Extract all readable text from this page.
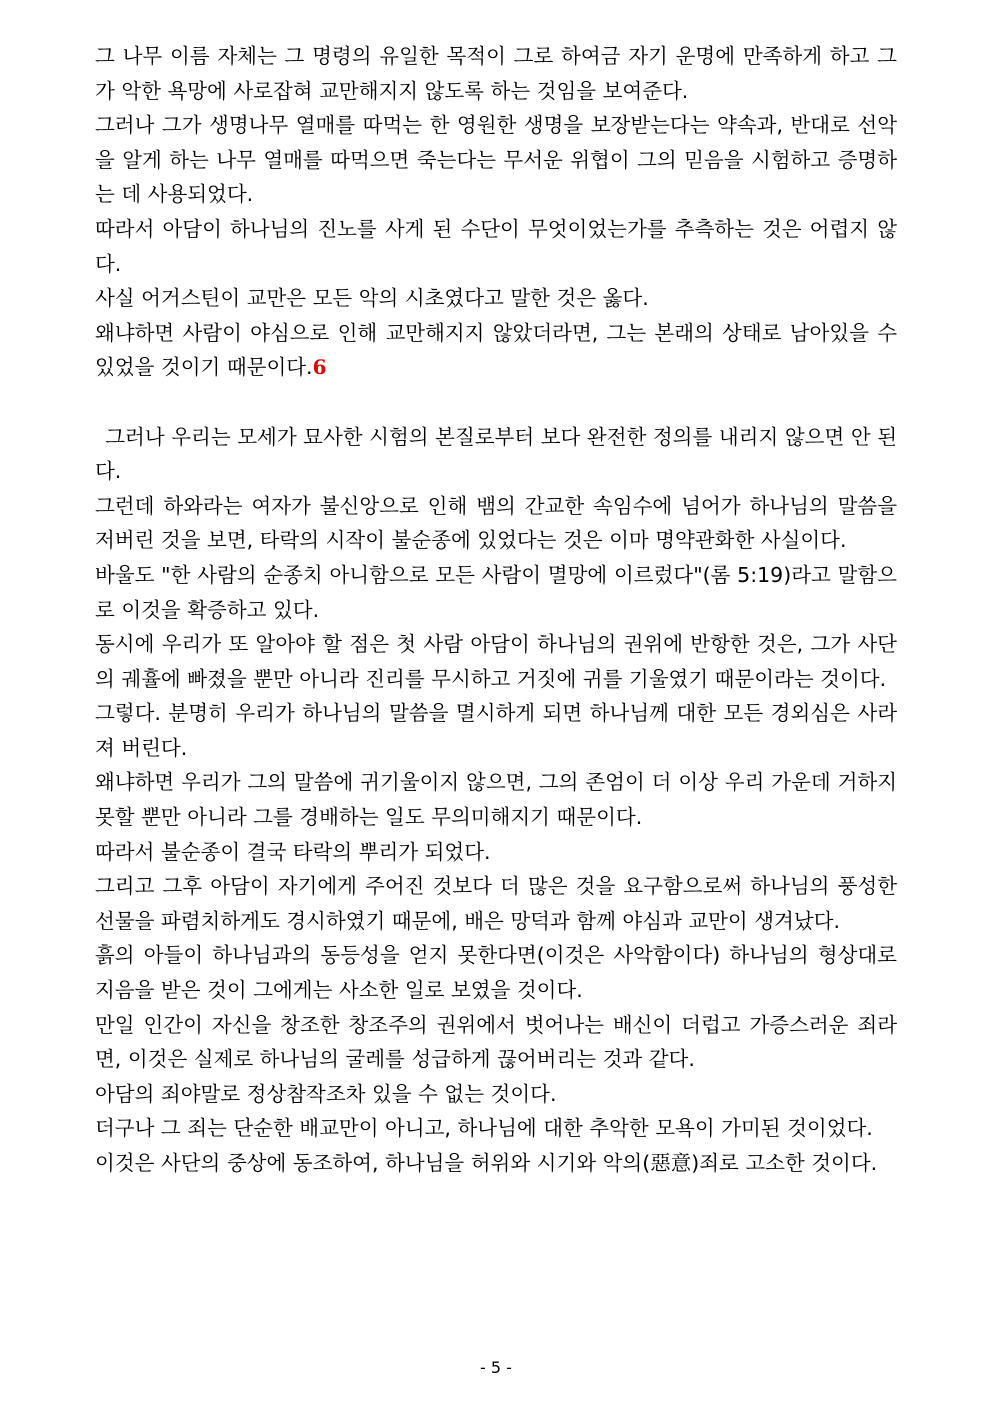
그 나무 이름 자체는 그 명령의 유일한 목적이 그로 하여금 자기 운명에 만족하게 하고 그가 악한 욕망에 사로잡혀 교만해지지 않도록 하는 것임을 보여준다.

그러나 그가 생명나무 열매를 따먹는 한 영원한 생명을 보장받는다는 약속과, 반대로 선악을 알게 하는 나무 열매를 따먹으면 죽는다는 무서운 위협이 그의 믿음을 시험하고 증명하는 데 사용되었다.

따라서 아담이 하나님의 진노를 사게 된 수단이 무엇이었는가를 추측하는 것은 어렵지 않다.

사실 어거스틴이 교만은 모든 악의 시초였다고 말한 것은 옳다.

왜냐하면 사람이 야심으로 인해 교만해지지 않았더라면, 그는 본래의 상태로 남아있을 수 있었을 것이기 때문이다.6

그러나 우리는 모세가 묘사한 시험의 본질로부터 보다 완전한 정의를 내리지 않으면 안 된다.

그런데 하와라는 여자가 불신앙으로 인해 뱀의 간교한 속임수에 넘어가 하나님의 말씀을 저버린 것을 보면, 타락의 시작이 불순종에 있었다는 것은 이마 명약관화한 사실이다.

바울도 "한 사람의 순종치 아니함으로 모든 사람이 멸망에 이르렀다"(롬 5:19)라고 말함으로 이것을 확증하고 있다.

동시에 우리가 또 알아야 할 점은 첫 사람 아담이 하나님의 권위에 반항한 것은, 그가 사단의 궤휼에 빠졌을 뿐만 아니라 진리를 무시하고 거짓에 귀를 기울였기 때문이라는 것이다.

그렇다. 분명히 우리가 하나님의 말씀을 멸시하게 되면 하나님께 대한 모든 경외심은 사라져 버린다.

왜냐하면 우리가 그의 말씀에 귀기울이지 않으면, 그의 존엄이 더 이상 우리 가운데 거하지 못할 뿐만 아니라 그를 경배하는 일도 무의미해지기 때문이다.

따라서 불순종이 결국 타락의 뿌리가 되었다.

그리고 그후 아담이 자기에게 주어진 것보다 더 많은 것을 요구함으로써 하나님의 풍성한 선물을 파렴치하게도 경시하였기 때문에, 배은 망덕과 함께 야심과 교만이 생겨났다.

흙의 아들이 하나님과의 동등성을 얻지 못한다면(이것은 사악함이다) 하나님의 형상대로 지음을 받은 것이 그에게는 사소한 일로 보였을 것이다.

만일 인간이 자신을 창조한 창조주의 권위에서 벗어나는 배신이 더럽고 가증스러운 죄라면, 이것은 실제로 하나님의 굴레를 성급하게 끊어버리는 것과 같다.

아담의 죄야말로 정상참작조차 있을 수 없는 것이다.

더구나 그 죄는 단순한 배교만이 아니고, 하나님에 대한 추악한 모욕이 가미된 것이었다.

이것은 사단의 중상에 동조하여, 하나님을 허위와 시기와 악의(惡意)죄로 고소한 것이다.

- 5 -
